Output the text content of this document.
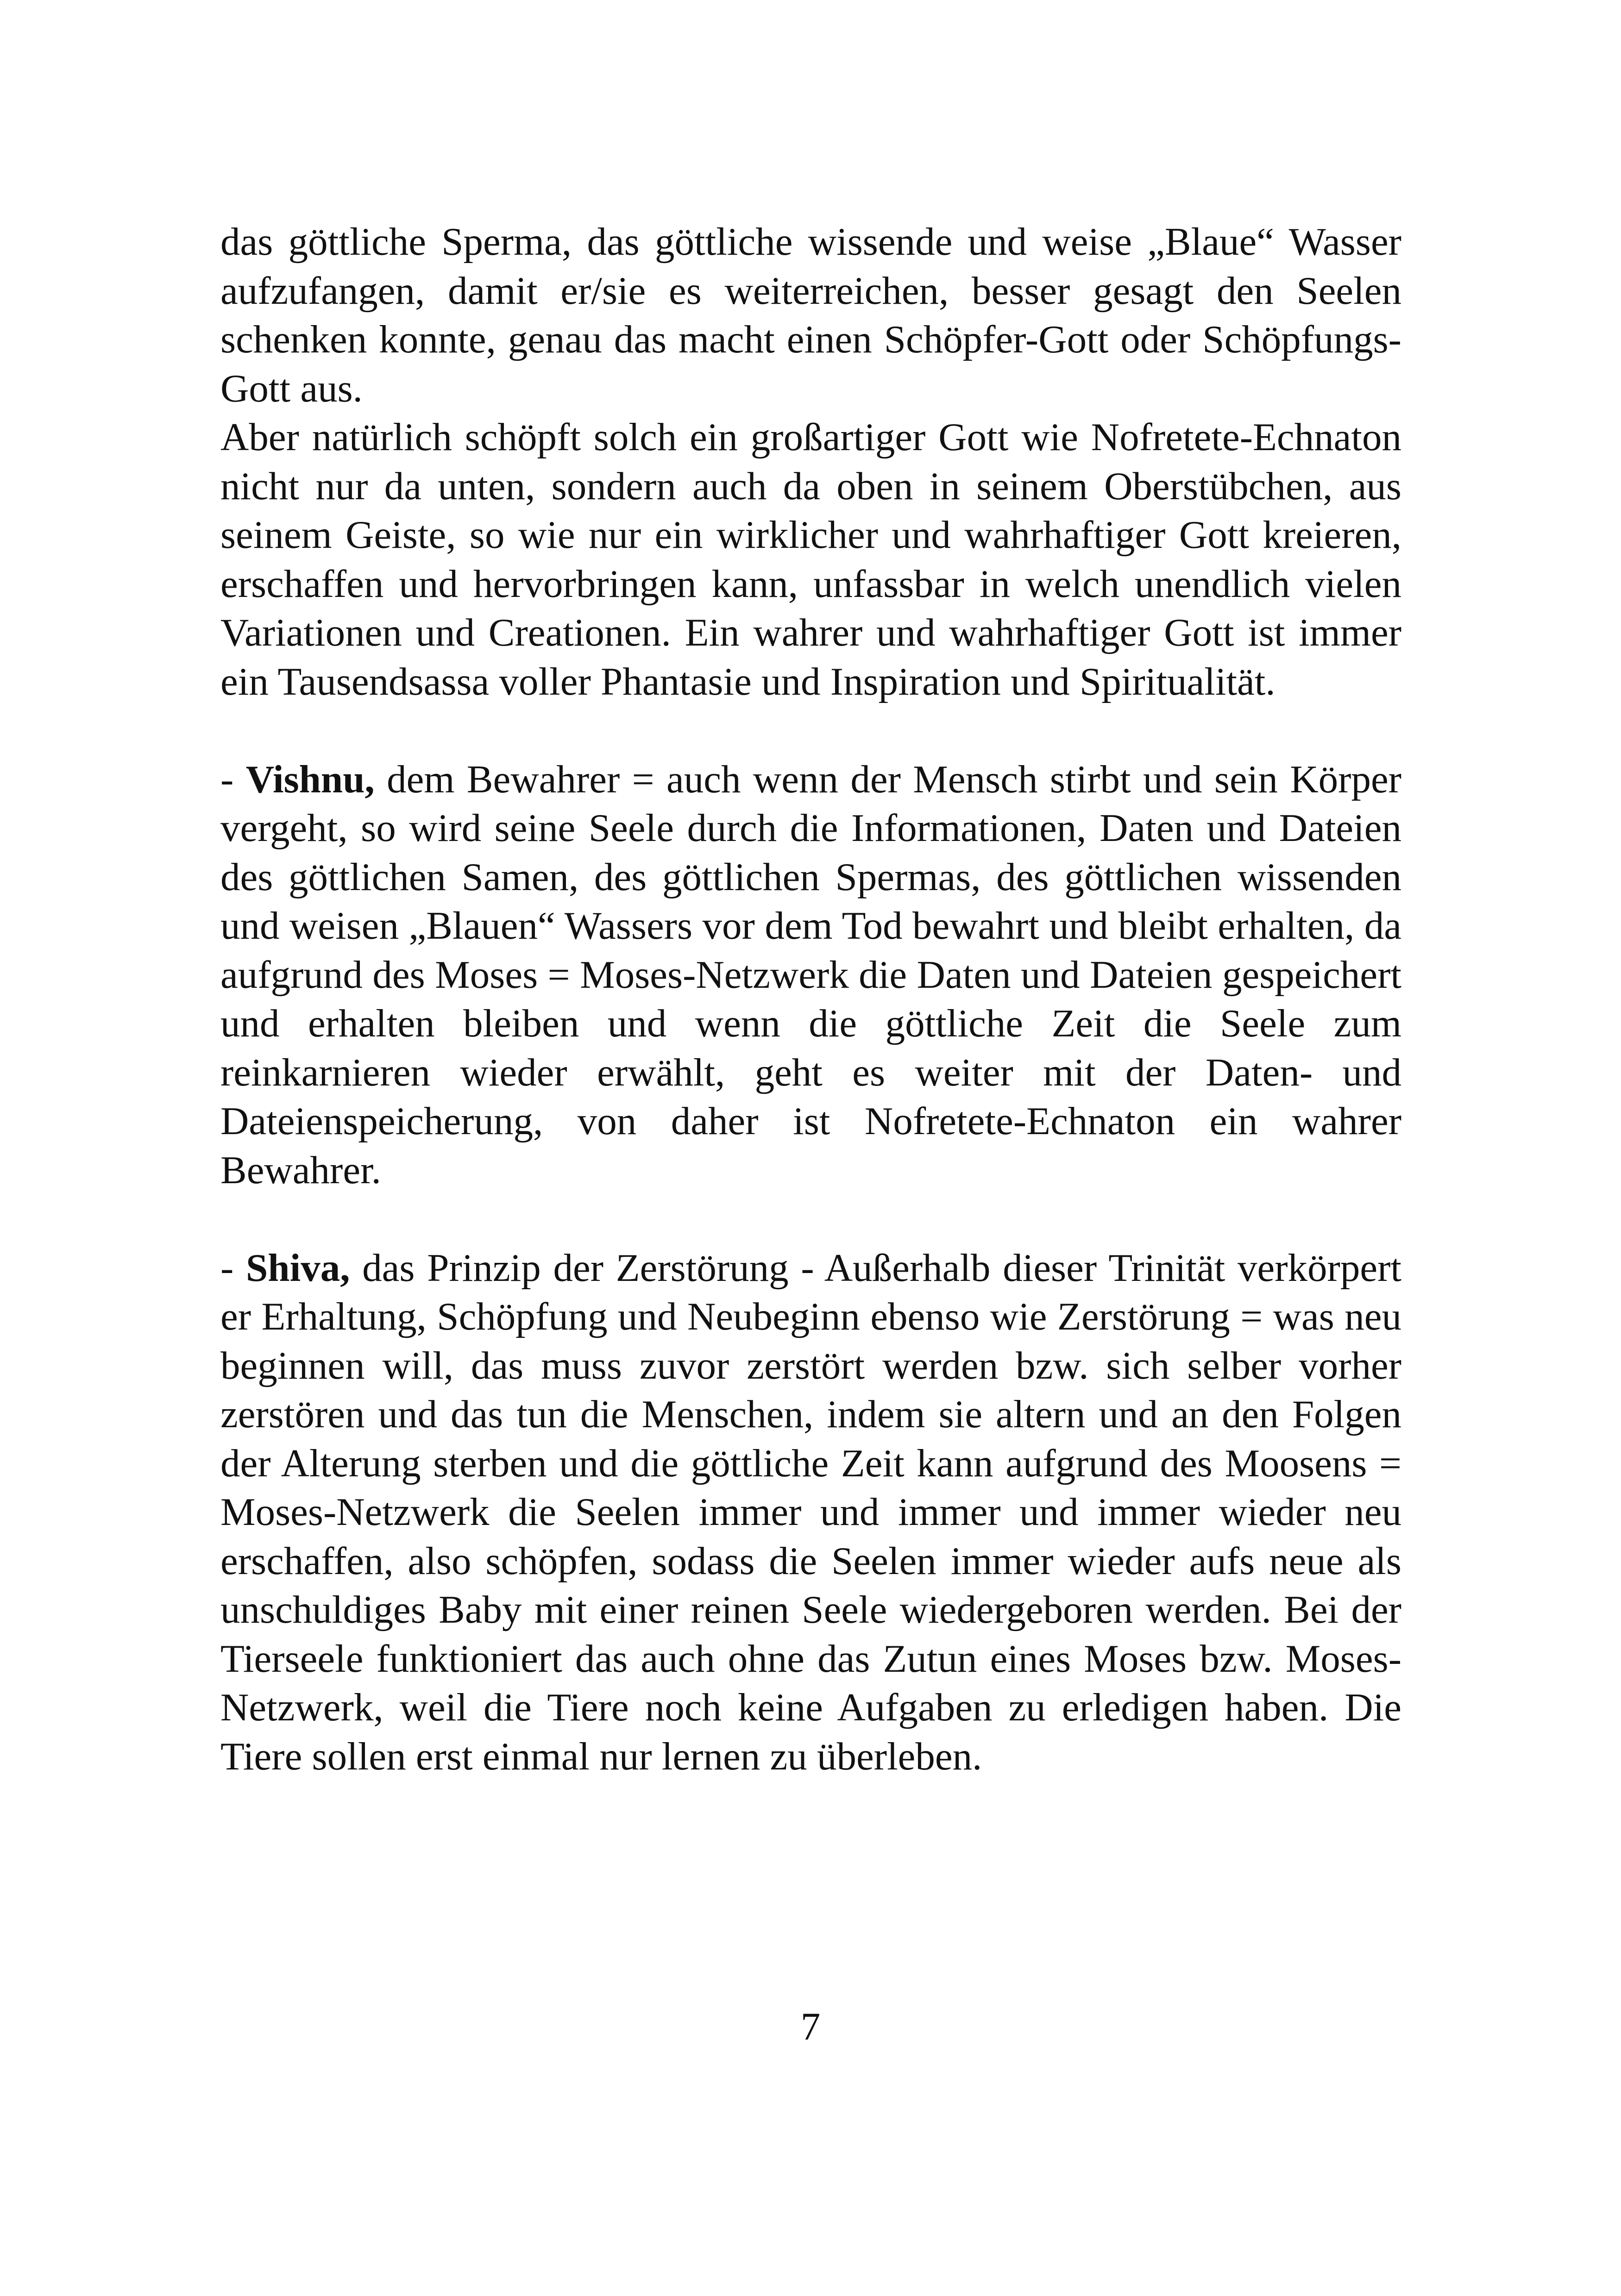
das göttliche Sperma, das göttliche wissende und weise „Blaue“ Wasser aufzufangen, damit er/sie es weiterreichen, besser gesagt den Seelen schenken konnte, genau das macht einen Schöpfer-Gott oder Schöpfungs-Gott aus.

Aber natürlich schöpft solch ein großartiger Gott wie Nofretete-Echnaton nicht nur da unten, sondern auch da oben in seinem Oberstübchen, aus seinem Geiste, so wie nur ein wirklicher und wahrhaftiger Gott kreieren, erschaffen und hervorbringen kann, unfassbar in welch unendlich vielen Variationen und Creationen. Ein wahrer und wahrhaftiger Gott ist immer ein Tausendsassa voller Phantasie und Inspiration und Spiritualität.

- Vishnu, dem Bewahrer = auch wenn der Mensch stirbt und sein Körper vergeht, so wird seine Seele durch die Informationen, Daten und Dateien des göttlichen Samen, des göttlichen Spermas, des göttlichen wissenden und weisen „Blauen“ Wassers vor dem Tod bewahrt und bleibt erhalten, da aufgrund des Moses = Moses-Netzwerk die Daten und Dateien gespeichert und erhalten bleiben und wenn die göttliche Zeit die Seele zum reinkarnieren wieder erwählt, geht es weiter mit der Daten- und Dateienspeicherung, von daher ist Nofretete-Echnaton ein wahrer Bewahrer.

- Shiva, das Prinzip der Zerstörung - Außerhalb dieser Trinität verkörpert er Erhaltung, Schöpfung und Neubeginn ebenso wie Zerstörung = was neu beginnen will, das muss zuvor zerstört werden bzw. sich selber vorher zerstören und das tun die Menschen, indem sie altern und an den Folgen der Alterung sterben und die göttliche Zeit kann aufgrund des Moosens = Moses-Netzwerk die Seelen immer und immer und immer wieder neu erschaffen, also schöpfen, sodass die Seelen immer wieder aufs neue als unschuldiges Baby mit einer reinen Seele wiedergeboren werden. Bei der Tierseele funktioniert das auch ohne das Zutun eines Moses bzw. Moses-Netzwerk, weil die Tiere noch keine Aufgaben zu erledigen haben. Die Tiere sollen erst einmal nur lernen zu überleben.

7
